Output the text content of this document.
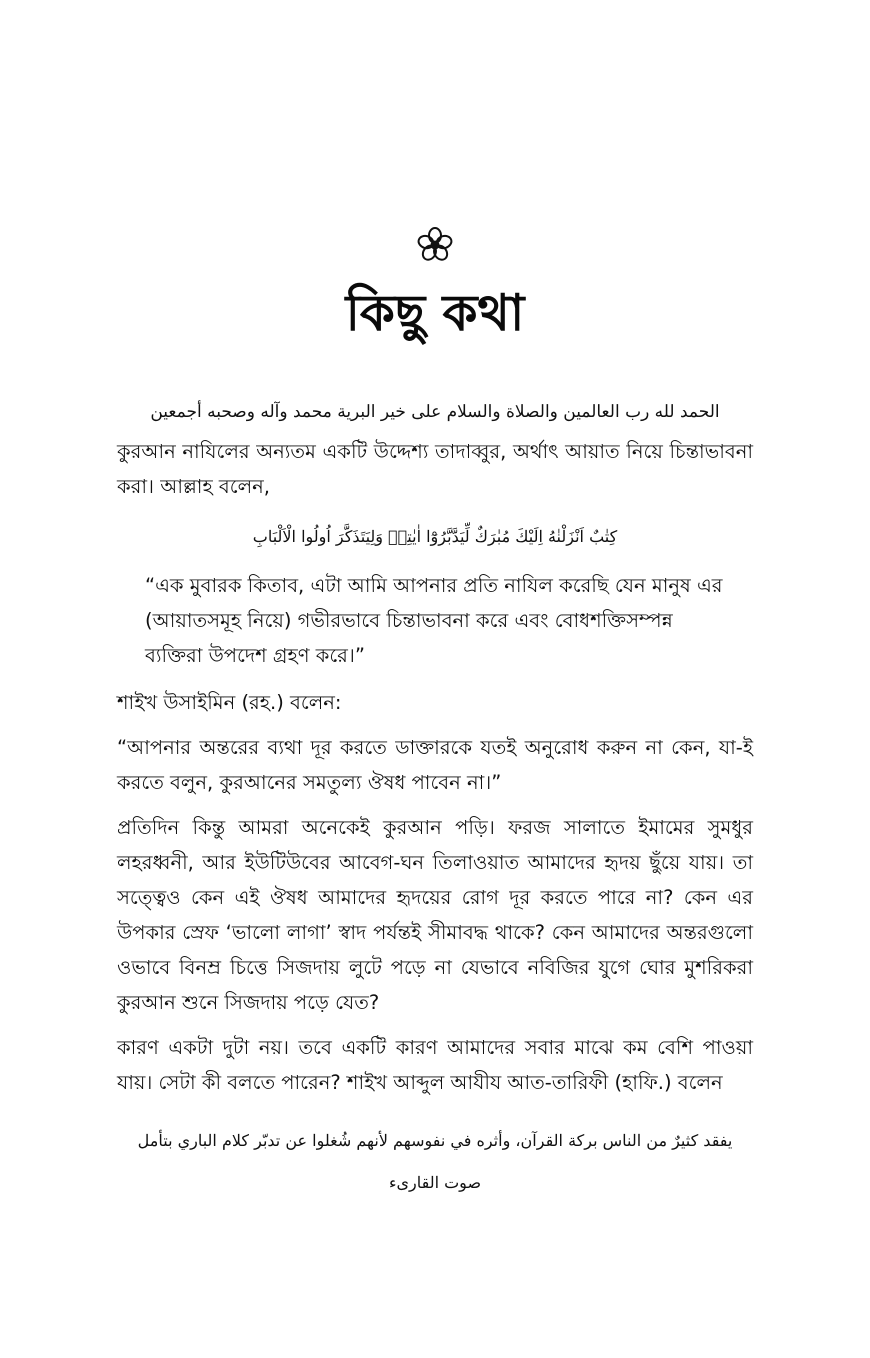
কিছু কথা

الحمد لله رب العالمين والصلاة والسلام على خير البرية محمد وآله وصحبه أجمعين

কুরআন নাযিলের অন্যতম একটি উদ্দেশ্য তাদাব্বুর, অর্থাৎ আয়াত নিয়ে চিন্তাভাবনা করা। আল্লাহ বলেন,

كِتٰبٌ اَنْزَلْنٰهُ اِلَيْكَ مُبٰرَكٌ لِّيَدَّبَّرُوْٓا اٰيٰتِهٖ وَلِيَتَذَكَّرَ اُولُوا الْاَلْبَابِ

“এক মুবারক কিতাব, এটা আমি আপনার প্রতি নাযিল করেছি যেন মানুষ এর (আয়াতসমূহ নিয়ে) গভীরভাবে চিন্তাভাবনা করে এবং বোধশক্তিসম্পন্ন ব্যক্তিরা উপদেশ গ্রহণ করে।”

শাইখ উসাইমিন (রহ.) বলেন:

“আপনার অন্তরের ব্যথা দূর করতে ডাক্তারকে যতই অনুরোধ করুন না কেন, যা-ই করতে বলুন, কুরআনের সমতুল্য ঔষধ পাবেন না।”

প্রতিদিন কিন্তু আমরা অনেকেই কুরআন পড়ি। ফরজ সালাতে ইমামের সুমধুর লহরধ্বনী, আর ইউটিউবের আবেগ-ঘন তিলাওয়াত আমাদের হৃদয় ছুঁয়ে যায়। তা সত্ত্বেও কেন এই ঔষধ আমাদের হৃদয়ের রোগ দূর করতে পারে না? কেন এর উপকার স্রেফ ‘ভালো লাগা’ স্বাদ পর্যন্তই সীমাবদ্ধ থাকে? কেন আমাদের অন্তরগুলো ওভাবে বিনম্র চিত্তে সিজদায় লুটে পড়ে না যেভাবে নবিজির যুগে ঘোর মুশরিকরা কুরআন শুনে সিজদায় পড়ে যেত?

কারণ একটা দুটা নয়। তবে একটি কারণ আমাদের সবার মাঝে কম বেশি পাওয়া যায়। সেটা কী বলতে পারেন? শাইখ আব্দুল আযীয আত-তারিফী (হাফি.) বলেন

يفقد كثيرٌ من الناس بركة القرآن، وأثره في نفوسهم لأنهم شُغلوا عن تدبّر كلام الباري بتأمل

صوت القارىء
